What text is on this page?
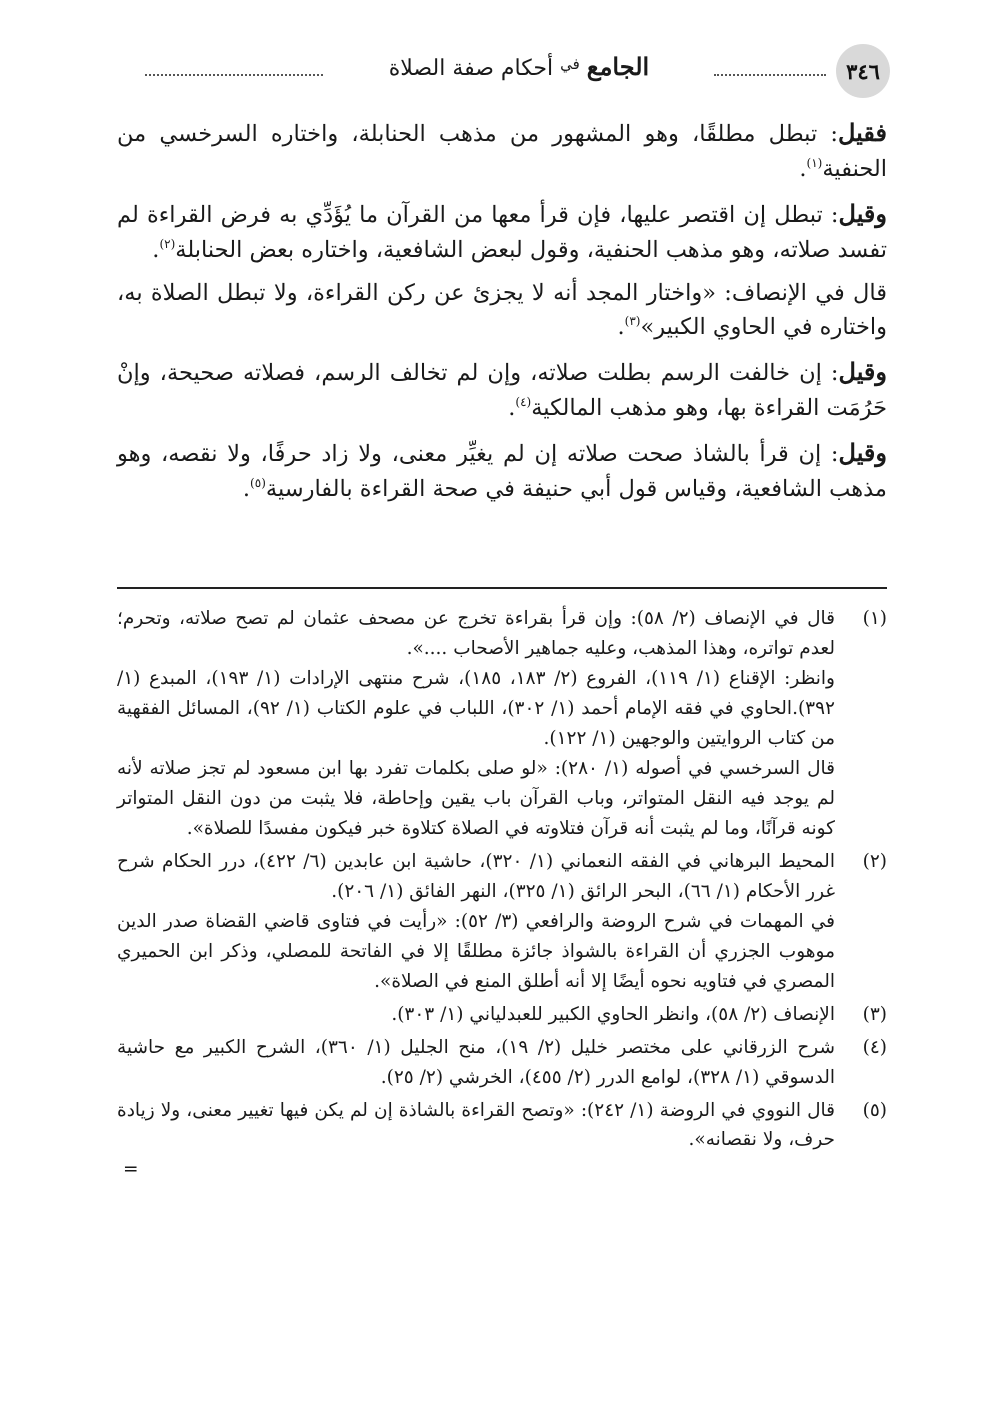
٣٤٦
الجامع $^{في}$ أحكام صفة الصلاة

فقيل: تبطل مطلقًا، وهو المشهور من مذهب الحنابلة، واختاره السرخسي من الحنفية$^{(١)}$.

وقيل: تبطل إن اقتصر عليها، فإن قرأ معها من القرآن ما يُؤَدِّي به فرض القراءة لم تفسد صلاته، وهو مذهب الحنفية، وقول لبعض الشافعية، واختاره بعض الحنابلة$^{(٢)}$.

قال في الإنصاف: «واختار المجد أنه لا يجزئ عن ركن القراءة، ولا تبطل الصلاة به، واختاره في الحاوي الكبير»$^{(٣)}$.

وقيل: إن خالفت الرسم بطلت صلاته، وإن لم تخالف الرسم، فصلاته صحيحة، وإنْ حَرُمَت القراءة بها، وهو مذهب المالكية$^{(٤)}$.

وقيل: إن قرأ بالشاذ صحت صلاته إن لم يغيِّر معنى، ولا زاد حرفًا، ولا نقصه، وهو مذهب الشافعية، وقياس قول أبي حنيفة في صحة القراءة بالفارسية$^{(٥)}$.

(١)

قال في الإنصاف (٢/ ٥٨): وإن قرأ بقراءة تخرج عن مصحف عثمان لم تصح صلاته، وتحرم؛ لعدم تواتره، وهذا المذهب، وعليه جماهير الأصحاب ....».

وانظر: الإقناع (١/ ١١٩)، الفروع (٢/ ١٨٣، ١٨٥)، شرح منتهى الإرادات (١/ ١٩٣)، المبدع (١/ ٣٩٢).الحاوي في فقه الإمام أحمد (١/ ٣٠٢)، اللباب في علوم الكتاب (١/ ٩٢)، المسائل الفقهية من كتاب الروايتين والوجهين (١/ ١٢٢).

قال السرخسي في أصوله (١/ ٢٨٠): «لو صلى بكلمات تفرد بها ابن مسعود لم تجز صلاته لأنه لم يوجد فيه النقل المتواتر، وباب القرآن باب يقين وإحاطة، فلا يثبت من دون النقل المتواتر كونه قرآنًا، وما لم يثبت أنه قرآن فتلاوته في الصلاة كتلاوة خبر فيكون مفسدًا للصلاة».

(٢)

المحيط البرهاني في الفقه النعماني (١/ ٣٢٠)، حاشية ابن عابدين (٦/ ٤٢٢)، درر الحكام شرح غرر الأحكام (١/ ٦٦)، البحر الرائق (١/ ٣٢٥)، النهر الفائق (١/ ٢٠٦).

في المهمات في شرح الروضة والرافعي (٣/ ٥٢): «رأيت في فتاوى قاضي القضاة صدر الدين موهوب الجزري أن القراءة بالشواذ جائزة مطلقًا إلا في الفاتحة للمصلي، وذكر ابن الحميري المصري في فتاويه نحوه أيضًا إلا أنه أطلق المنع في الصلاة».

(٣)

الإنصاف (٢/ ٥٨)، وانظر الحاوي الكبير للعبدلياني (١/ ٣٠٣).

(٤)

شرح الزرقاني على مختصر خليل (٢/ ١٩)، منح الجليل (١/ ٣٦٠)، الشرح الكبير مع حاشية الدسوقي (١/ ٣٢٨)، لوامع الدرر (٢/ ٤٥٥)، الخرشي (٢/ ٢٥).

(٥)

قال النووي في الروضة (١/ ٢٤٢): «وتصح القراءة بالشاذة إن لم يكن فيها تغيير معنى، ولا زيادة حرف، ولا نقصانه».

=
